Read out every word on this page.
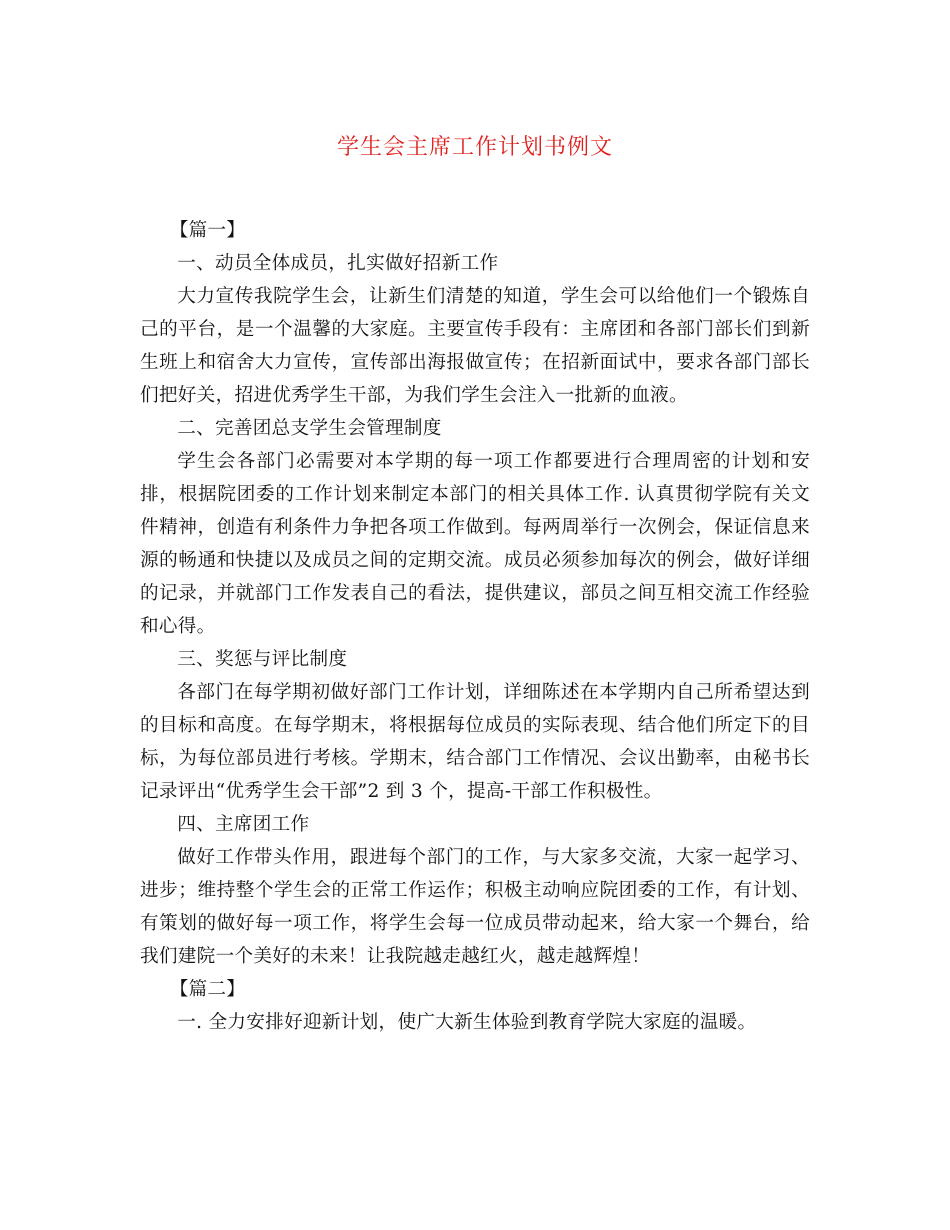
学生会主席工作计划书例文

【篇一】

一、动员全体成员，扎实做好招新工作

大力宣传我院学生会，让新生们清楚的知道，学生会可以给他们一个锻炼自己的平台，是一个温馨的大家庭。主要宣传手段有：主席团和各部门部长们到新生班上和宿舍大力宣传，宣传部出海报做宣传；在招新面试中，要求各部门部长们把好关，招进优秀学生干部，为我们学生会注入一批新的血液。

二、完善团总支学生会管理制度

学生会各部门必需要对本学期的每一项工作都要进行合理周密的计划和安排，根据院团委的工作计划来制定本部门的相关具体工作. 认真贯彻学院有关文件精神，创造有利条件力争把各项工作做到。每两周举行一次例会，保证信息来源的畅通和快捷以及成员之间的定期交流。成员必须参加每次的例会，做好详细的记录，并就部门工作发表自己的看法，提供建议，部员之间互相交流工作经验和心得。

三、奖惩与评比制度

各部门在每学期初做好部门工作计划，详细陈述在本学期内自己所希望达到的目标和高度。在每学期末，将根据每位成员的实际表现、结合他们所定下的目标，为每位部员进行考核。学期末，结合部门工作情况、会议出勤率，由秘书长记录评出“优秀学生会干部”2 到 3 个，提高-干部工作积极性。

四、主席团工作

做好工作带头作用，跟进每个部门的工作，与大家多交流，大家一起学习、进步；维持整个学生会的正常工作运作；积极主动响应院团委的工作，有计划、有策划的做好每一项工作，将学生会每一位成员带动起来，给大家一个舞台，给我们建院一个美好的未来！让我院越走越红火，越走越辉煌！

【篇二】

一. 全力安排好迎新计划，使广大新生体验到教育学院大家庭的温暖。
